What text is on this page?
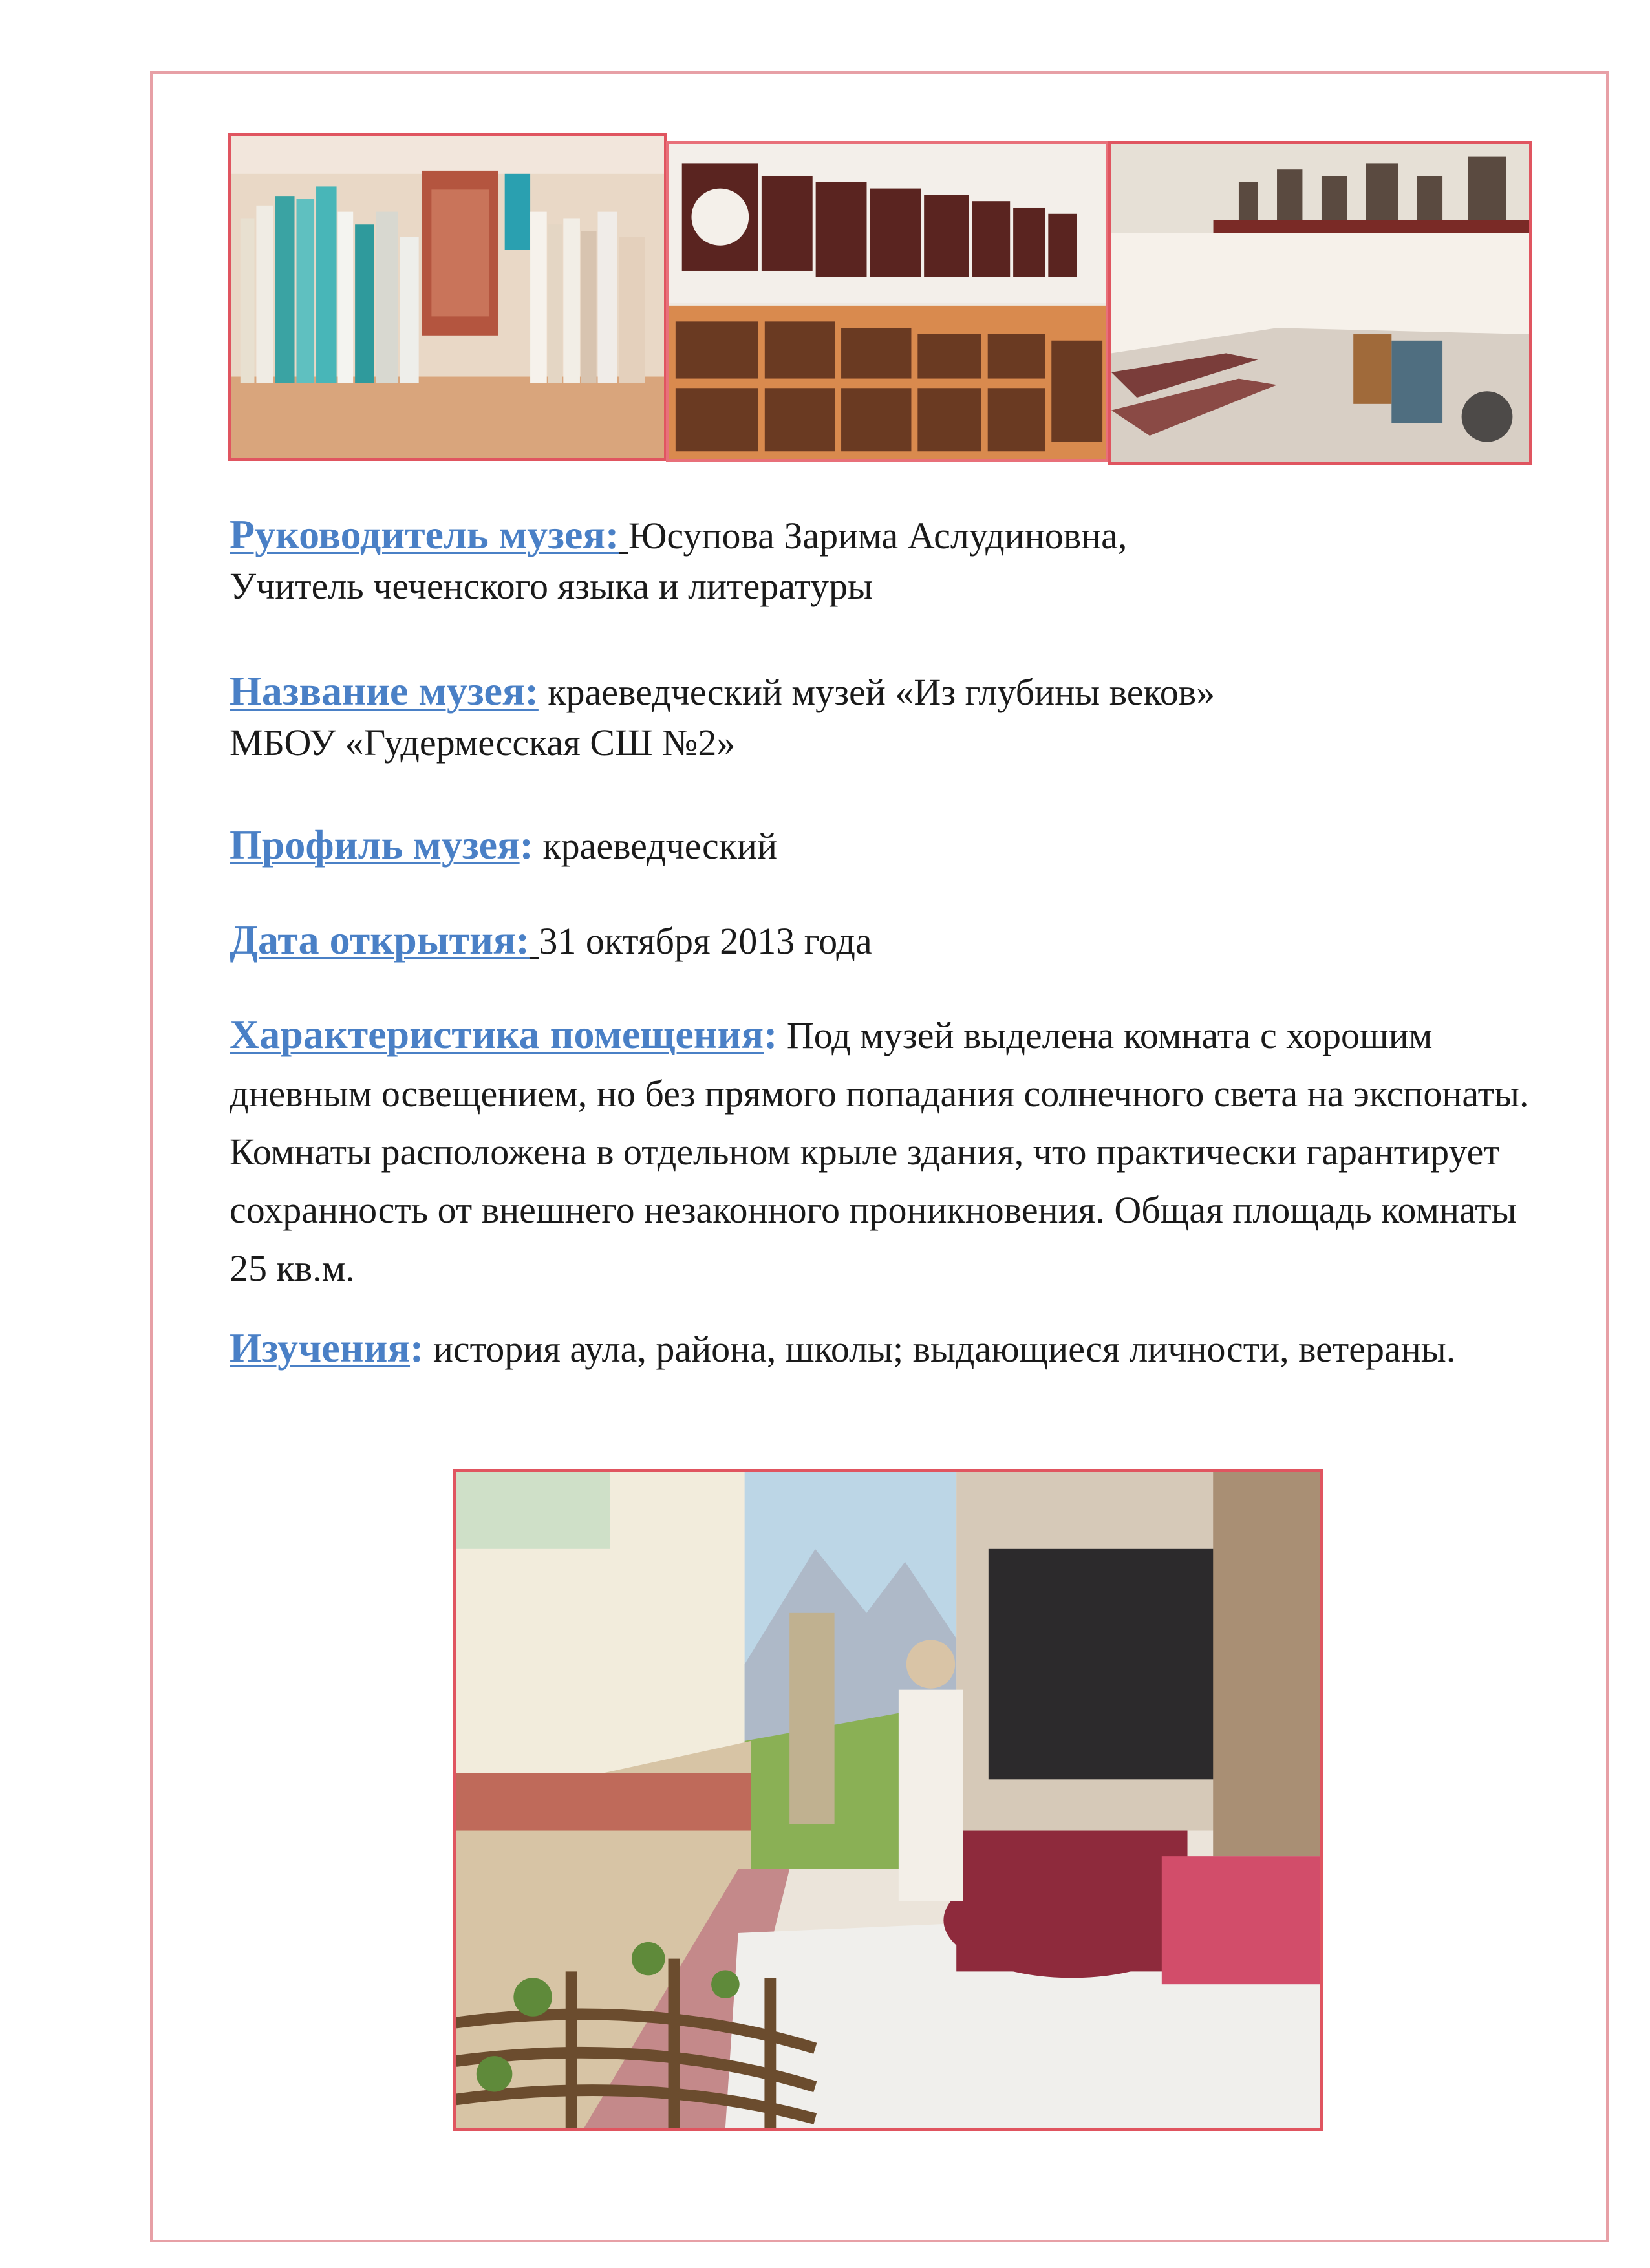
Руководитель музея: Юсупова Зарима Аслудиновна,
Учитель чеченского языка и литературы
Название музея: краеведческий музей «Из глубины веков»
МБОУ «Гудермесская СШ №2»
Профиль музея: краеведческий
Дата открытия: 31 октября 2013 года
Характеристика помещения: Под музей выделена комната с хорошим дневным освещением, но без прямого попадания солнечного света на экспонаты. Комнаты расположена в отдельном крыле здания, что практически гарантирует сохранность от внешнего незаконного проникновения. Общая площадь комнаты 25 кв.м.
Изучения: история аула, района, школы; выдающиеся личности, ветераны.
